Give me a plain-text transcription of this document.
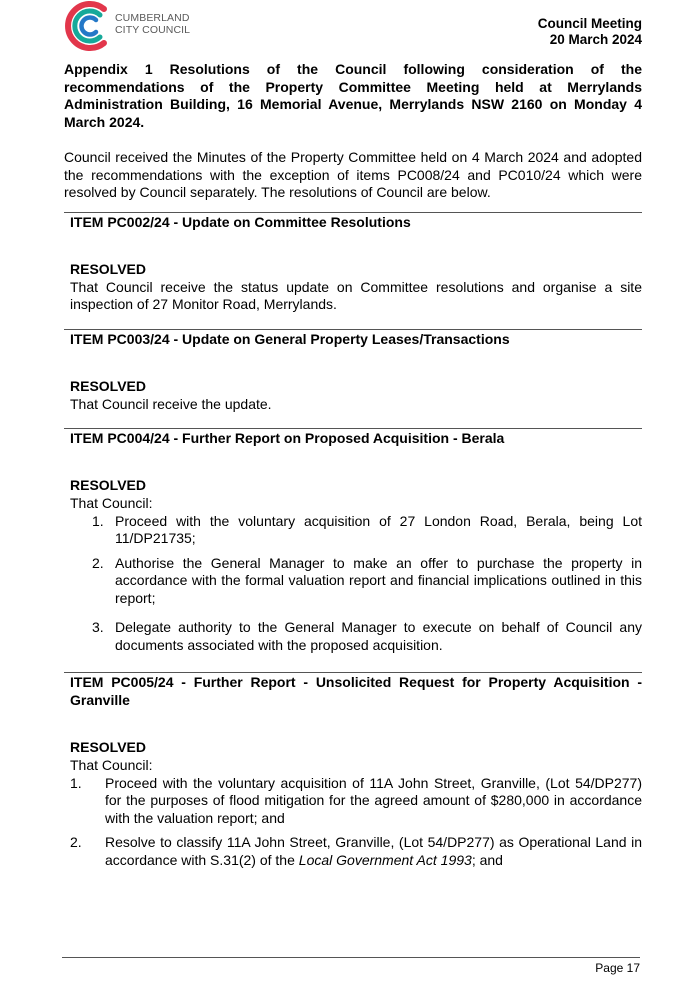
CUMBERLAND
CITY COUNCIL	Council Meeting
20 March 2024

Appendix 1 Resolutions of the Council following consideration of the recommendations of the Property Committee Meeting held at Merrylands Administration Building, 16 Memorial Avenue, Merrylands NSW 2160 on Monday 4 March 2024.

Council received the Minutes of the Property Committee held on 4 March 2024 and adopted the recommendations with the exception of items PC008/24 and PC010/24 which were resolved by Council separately. The resolutions of Council are below.

ITEM PC002/24 - Update on Committee Resolutions
RESOLVED

That Council receive the status update on Committee resolutions and organise a site inspection of 27 Monitor Road, Merrylands.

ITEM PC003/24 - Update on General Property Leases/Transactions
RESOLVED

That Council receive the update.

ITEM PC004/24 - Further Report on Proposed Acquisition - Berala
RESOLVED

That Council:

1. Proceed with the voluntary acquisition of 27 London Road, Berala, being Lot 11/DP21735;
2. Authorise the General Manager to make an offer to purchase the property in accordance with the formal valuation report and financial implications outlined in this report;
3. Delegate authority to the General Manager to execute on behalf of Council any documents associated with the proposed acquisition.
ITEM PC005/24 - Further Report - Unsolicited Request for Property Acquisition - Granville
RESOLVED

That Council:

1. Proceed with the voluntary acquisition of 11A John Street, Granville, (Lot 54/DP277) for the purposes of flood mitigation for the agreed amount of $280,000 in accordance with the valuation report; and
2. Resolve to classify 11A John Street, Granville, (Lot 54/DP277) as Operational Land in accordance with S.31(2) of the Local Government Act 1993; and
Page 17
